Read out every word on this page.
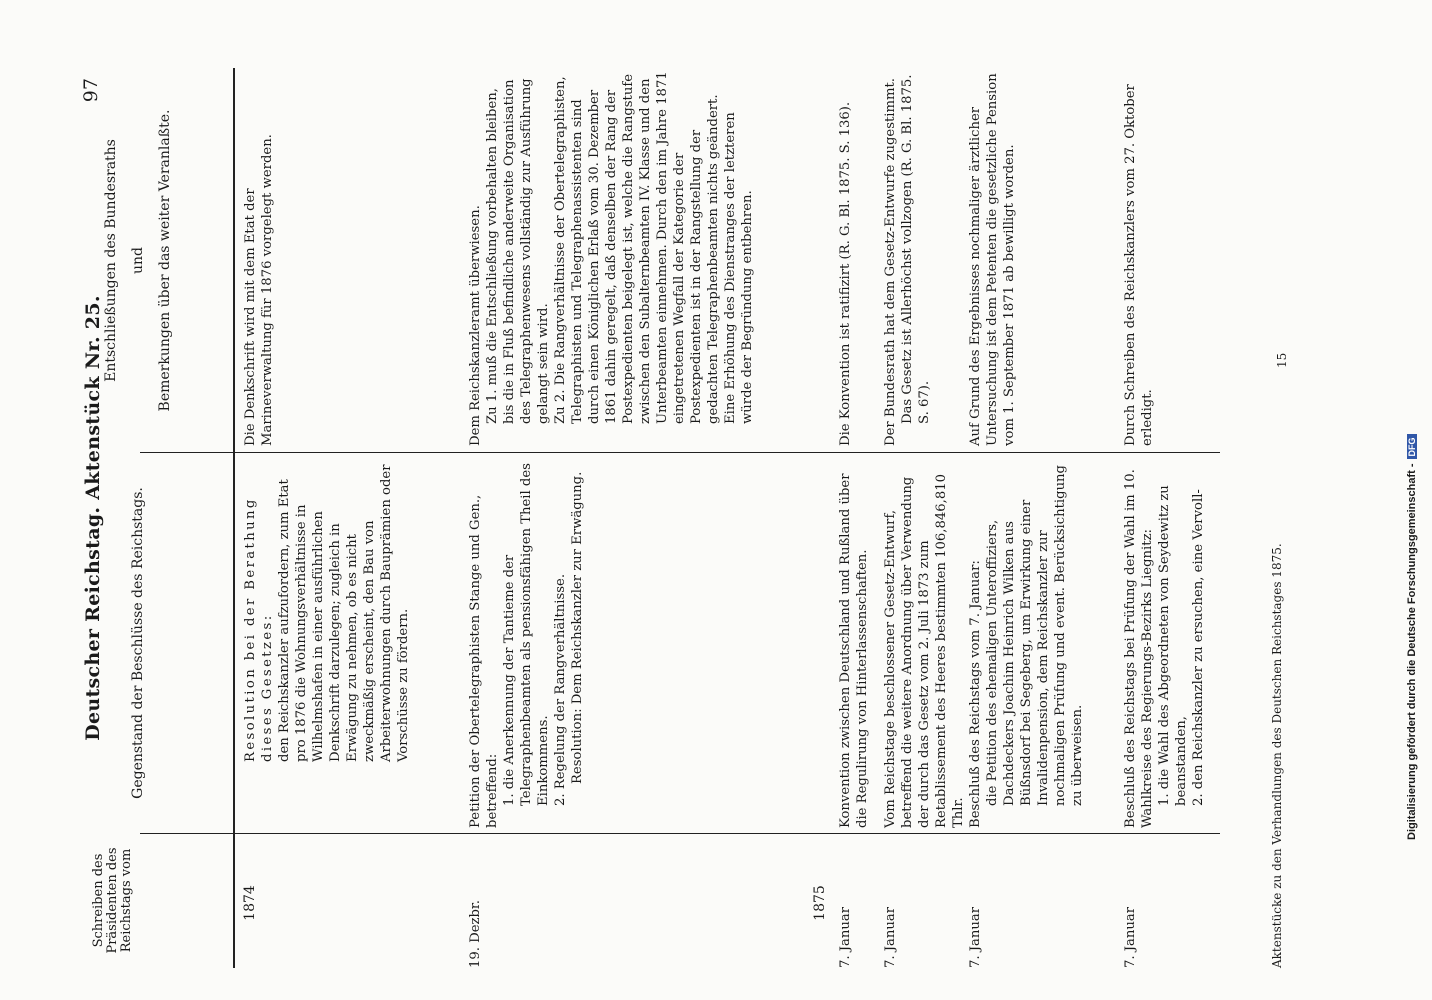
Deutscher Reichstag. Aktenstück Nr. 25.
97
Schreiben des Präsidenten des Reichstags vom
Gegenstand der Beschlüsse des Reichstags.
Entschließungen des Bundesraths und Bemerkungen über das weiter Veranlaßte.
1874

Resolution bei der Berathung dieses Gesetzes: den Reichskanzler aufzufordern, zum Etat pro 1876 die Wohnungsverhältnisse in Wilhelmshafen in einer ausführlichen Denkschrift darzulegen; zugleich in Erwägung zu nehmen, ob es nicht zweckmäßig erscheint, den Bau von Arbeiterwohnungen durch Bauprämien oder Vorschüsse zu fördern.

Die Denkschrift wird mit dem Etat der Marineverwaltung für 1876 vorgelegt werden.

19. Dezbr.

Petition der Obertelegraphisten Stange und Gen., betreffend: 1. die Anerkennung der Tantieme der Telegraphenbeamten als pensionsfähigen Theil des Einkommens. 2. Regelung der Rangverhältnisse. Resolution: Dem Reichskanzler zur Erwägung.

Dem Reichskanzleramt überwiesen. Zu 1. muß die Entschließung vorbehalten bleiben, bis die in Fluß befindliche anderweite Organisation des Telegraphenwesens vollständig zur Ausführung gelangt sein wird. Zu 2. Die Rangverhältnisse der Obertelegraphisten, Telegraphisten und Telegraphenassistenten sind durch einen Königlichen Erlaß vom 30. Dezember 1861 dahin geregelt, daß denselben der Rang der Postexpedienten beigelegt ist, welche die Rangstufe zwischen den Subalternbeamten IV. Klasse und den Unterbeamten einnehmen. Durch den im Jahre 1871 eingetretenen Wegfall der Kategorie der Postexpedienten ist in der Rangstellung der gedachten Telegraphenbeamten nichts geändert. Eine Erhöhung des Dienstranges der letzteren würde der Begründung entbehren.

1875
7. Januar

Konvention zwischen Deutschland und Rußland über die Regulirung von Hinterlassenschaften.

Die Konvention ist ratifizirt (R. G. Bl. 1875. S. 136).

7. Januar

Vom Reichstage beschlossener Gesetz-Entwurf, betreffend die weitere Anordnung über Verwendung der durch das Gesetz vom 2. Juli 1873 zum Retablissement des Heeres bestimmten 106,846,810 Thlr.

Der Bundesrath hat dem Gesetz-Entwurfe zugestimmt. Das Gesetz ist Allerhöchst vollzogen (R. G. Bl. 1875. S. 67).

7. Januar

Beschluß des Reichstags vom 7. Januar: die Petition des ehemaligen Unteroffiziers, Dachdeckers Joachim Heinrich Wilken aus Büßnsdorf bei Segeberg, um Erwirkung einer Invalidenpension, dem Reichskanzler zur nochmaligen Prüfung und event. Berücksichtigung zu überweisen.

Auf Grund des Ergebnisses nochmaliger ärztlicher Untersuchung ist dem Petenten die gesetzliche Pension vom 1. September 1871 ab bewilligt worden.

7. Januar

Beschluß des Reichstags bei Prüfung der Wahl im 10. Wahlkreise des Regierungs-Bezirks Liegnitz: 1. die Wahl des Abgeordneten von Seydewitz zu beanstanden, 2. den Reichskanzler zu ersuchen, eine Vervoll-

Durch Schreiben des Reichskanzlers vom 27. Oktober erledigt.

Aktenstücke zu den Verhandlungen des Deutschen Reichstages 1875.
15
Digitalisierung gefördert durch die Deutsche Forschungsgemeinschaft -DFG
